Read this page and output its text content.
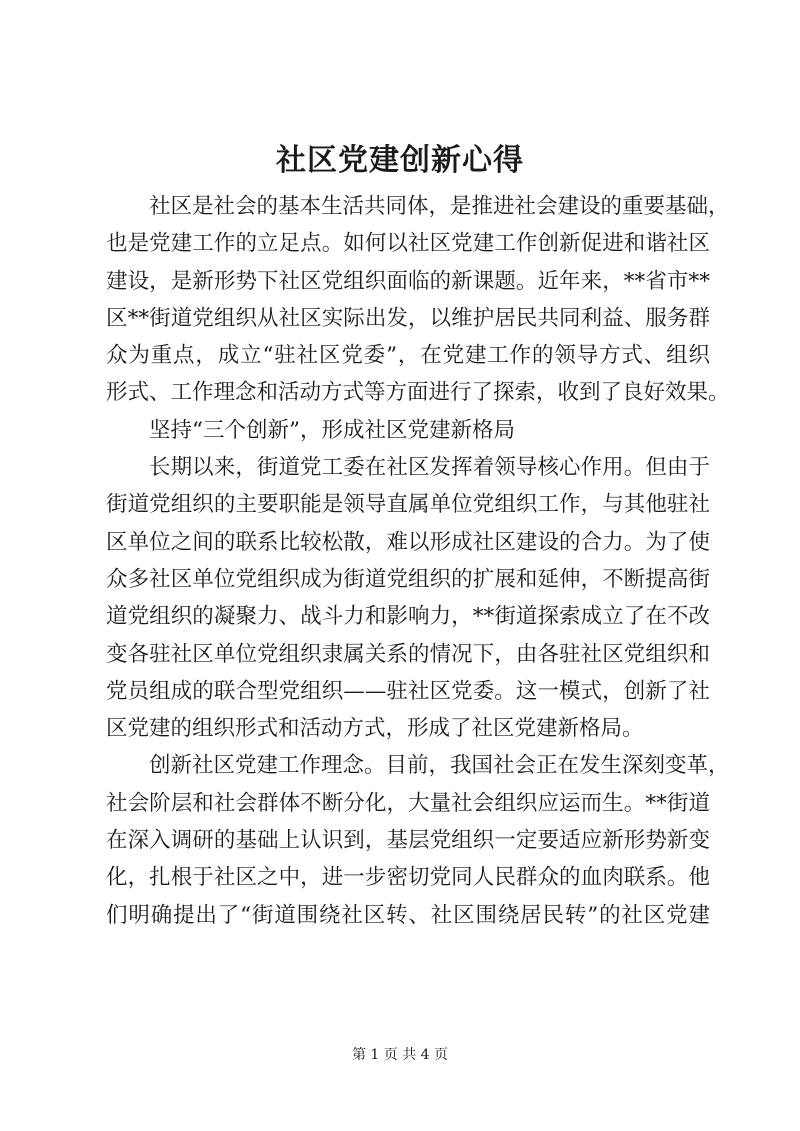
社区党建创新心得
社区是社会的基本生活共同体，是推进社会建设的重要基础，
也是党建工作的立足点。如何以社区党建工作创新促进和谐社区
建设，是新形势下社区党组织面临的新课题。近年来，**省市**
区**街道党组织从社区实际出发，以维护居民共同利益、服务群
众为重点，成立“驻社区党委”，在党建工作的领导方式、组织
形式、工作理念和活动方式等方面进行了探索，收到了良好效果。
坚持“三个创新”，形成社区党建新格局
长期以来，街道党工委在社区发挥着领导核心作用。但由于
街道党组织的主要职能是领导直属单位党组织工作，与其他驻社
区单位之间的联系比较松散，难以形成社区建设的合力。为了使
众多社区单位党组织成为街道党组织的扩展和延伸，不断提高街
道党组织的凝聚力、战斗力和影响力，**街道探索成立了在不改
变各驻社区单位党组织隶属关系的情况下，由各驻社区党组织和
党员组成的联合型党组织——驻社区党委。这一模式，创新了社
区党建的组织形式和活动方式，形成了社区党建新格局。
创新社区党建工作理念。目前，我国社会正在发生深刻变革，
社会阶层和社会群体不断分化，大量社会组织应运而生。**街道
在深入调研的基础上认识到，基层党组织一定要适应新形势新变
化，扎根于社区之中，进一步密切党同人民群众的血肉联系。他
们明确提出了“街道围绕社区转、社区围绕居民转”的社区党建
第 1 页 共 4 页
